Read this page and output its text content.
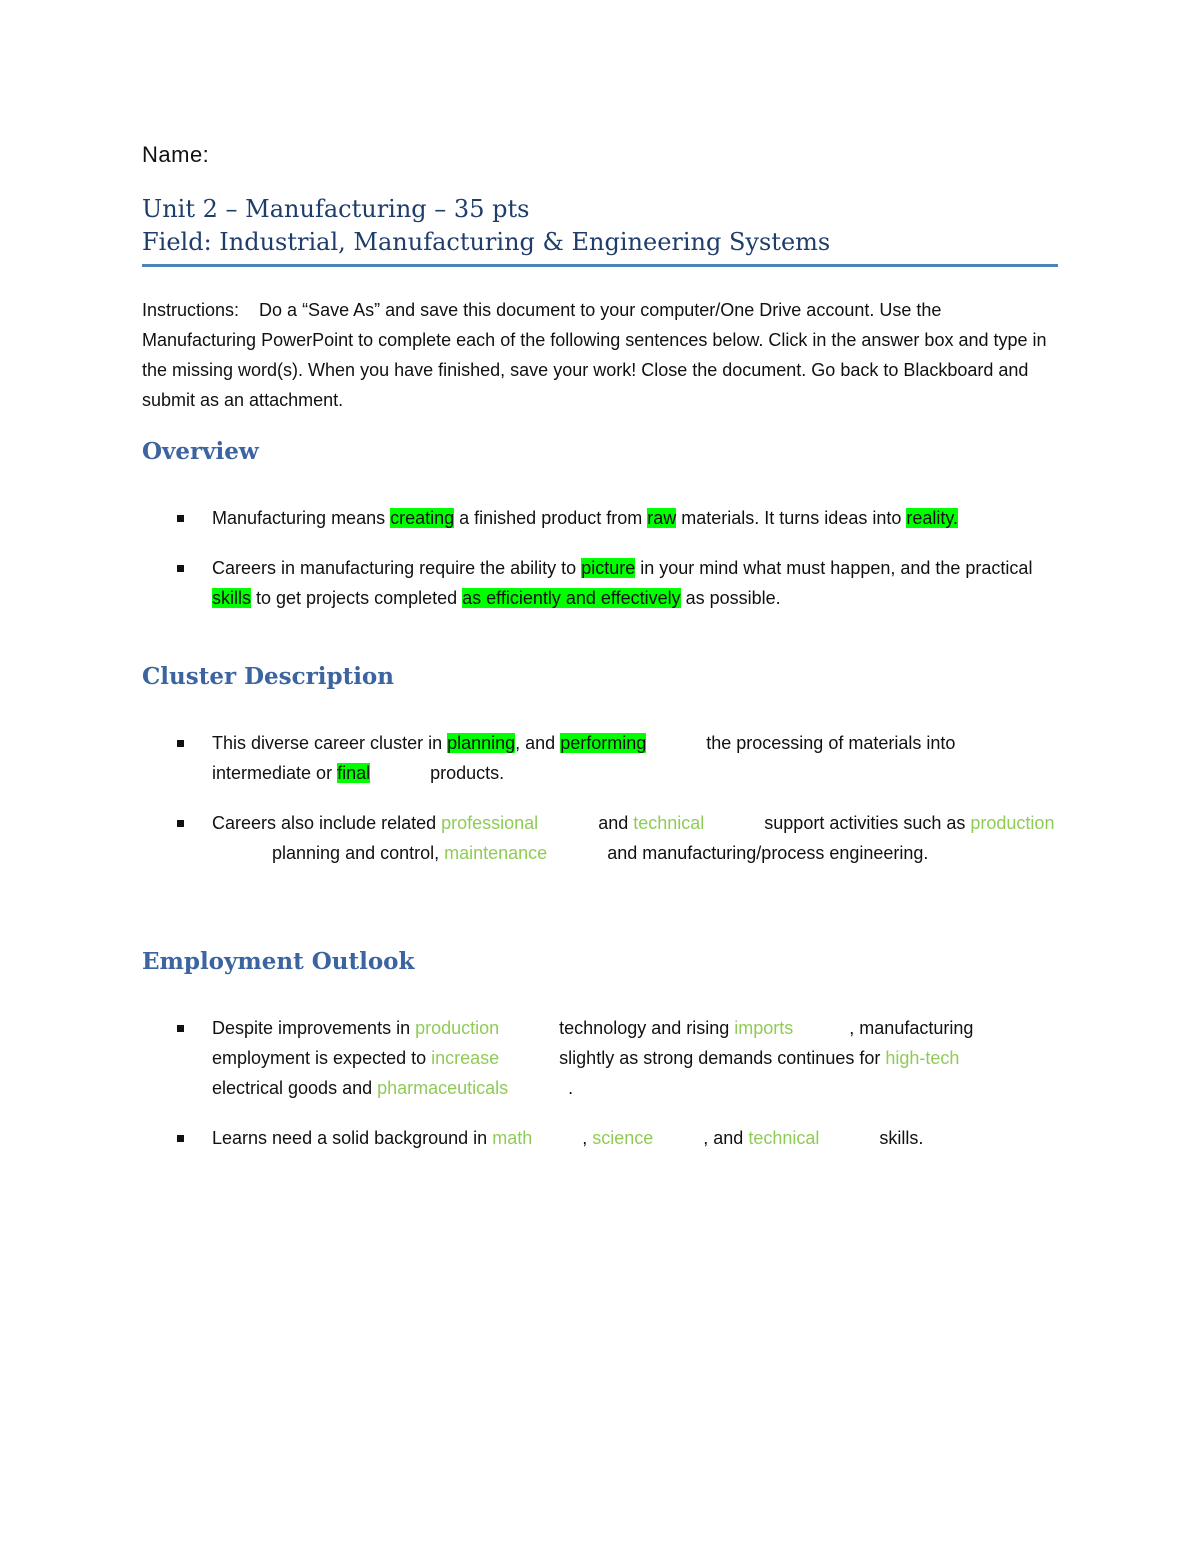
Name:
Unit 2 – Manufacturing – 35 pts
Field: Industrial, Manufacturing & Engineering Systems
Instructions:    Do a “Save As” and save this document to your computer/One Drive account. Use the Manufacturing PowerPoint to complete each of the following sentences below. Click in the answer box and type in the missing word(s). When you have finished, save your work! Close the document. Go back to Blackboard and submit as an attachment.
Overview
Manufacturing means creating a finished product from raw materials. It turns ideas into reality.
Careers in manufacturing require the ability to picture in your mind what must happen, and the practical skills to get projects completed as efficiently and effectively as possible.
Cluster Description
This diverse career cluster in planning, and performing	the processing of materials into intermediate or final	products.
Careers also include related professional	and technical	support activities such as productionplanning and control, maintenance	and manufacturing/process engineering.
Employment Outlook
Despite improvements in production	technology and rising imports	, manufacturing employment is expected to increase	slightly as strong demands continues for high-techelectrical goods and pharmaceuticals	.
Learns need a solid background in math	, science	, and technical	skills.
